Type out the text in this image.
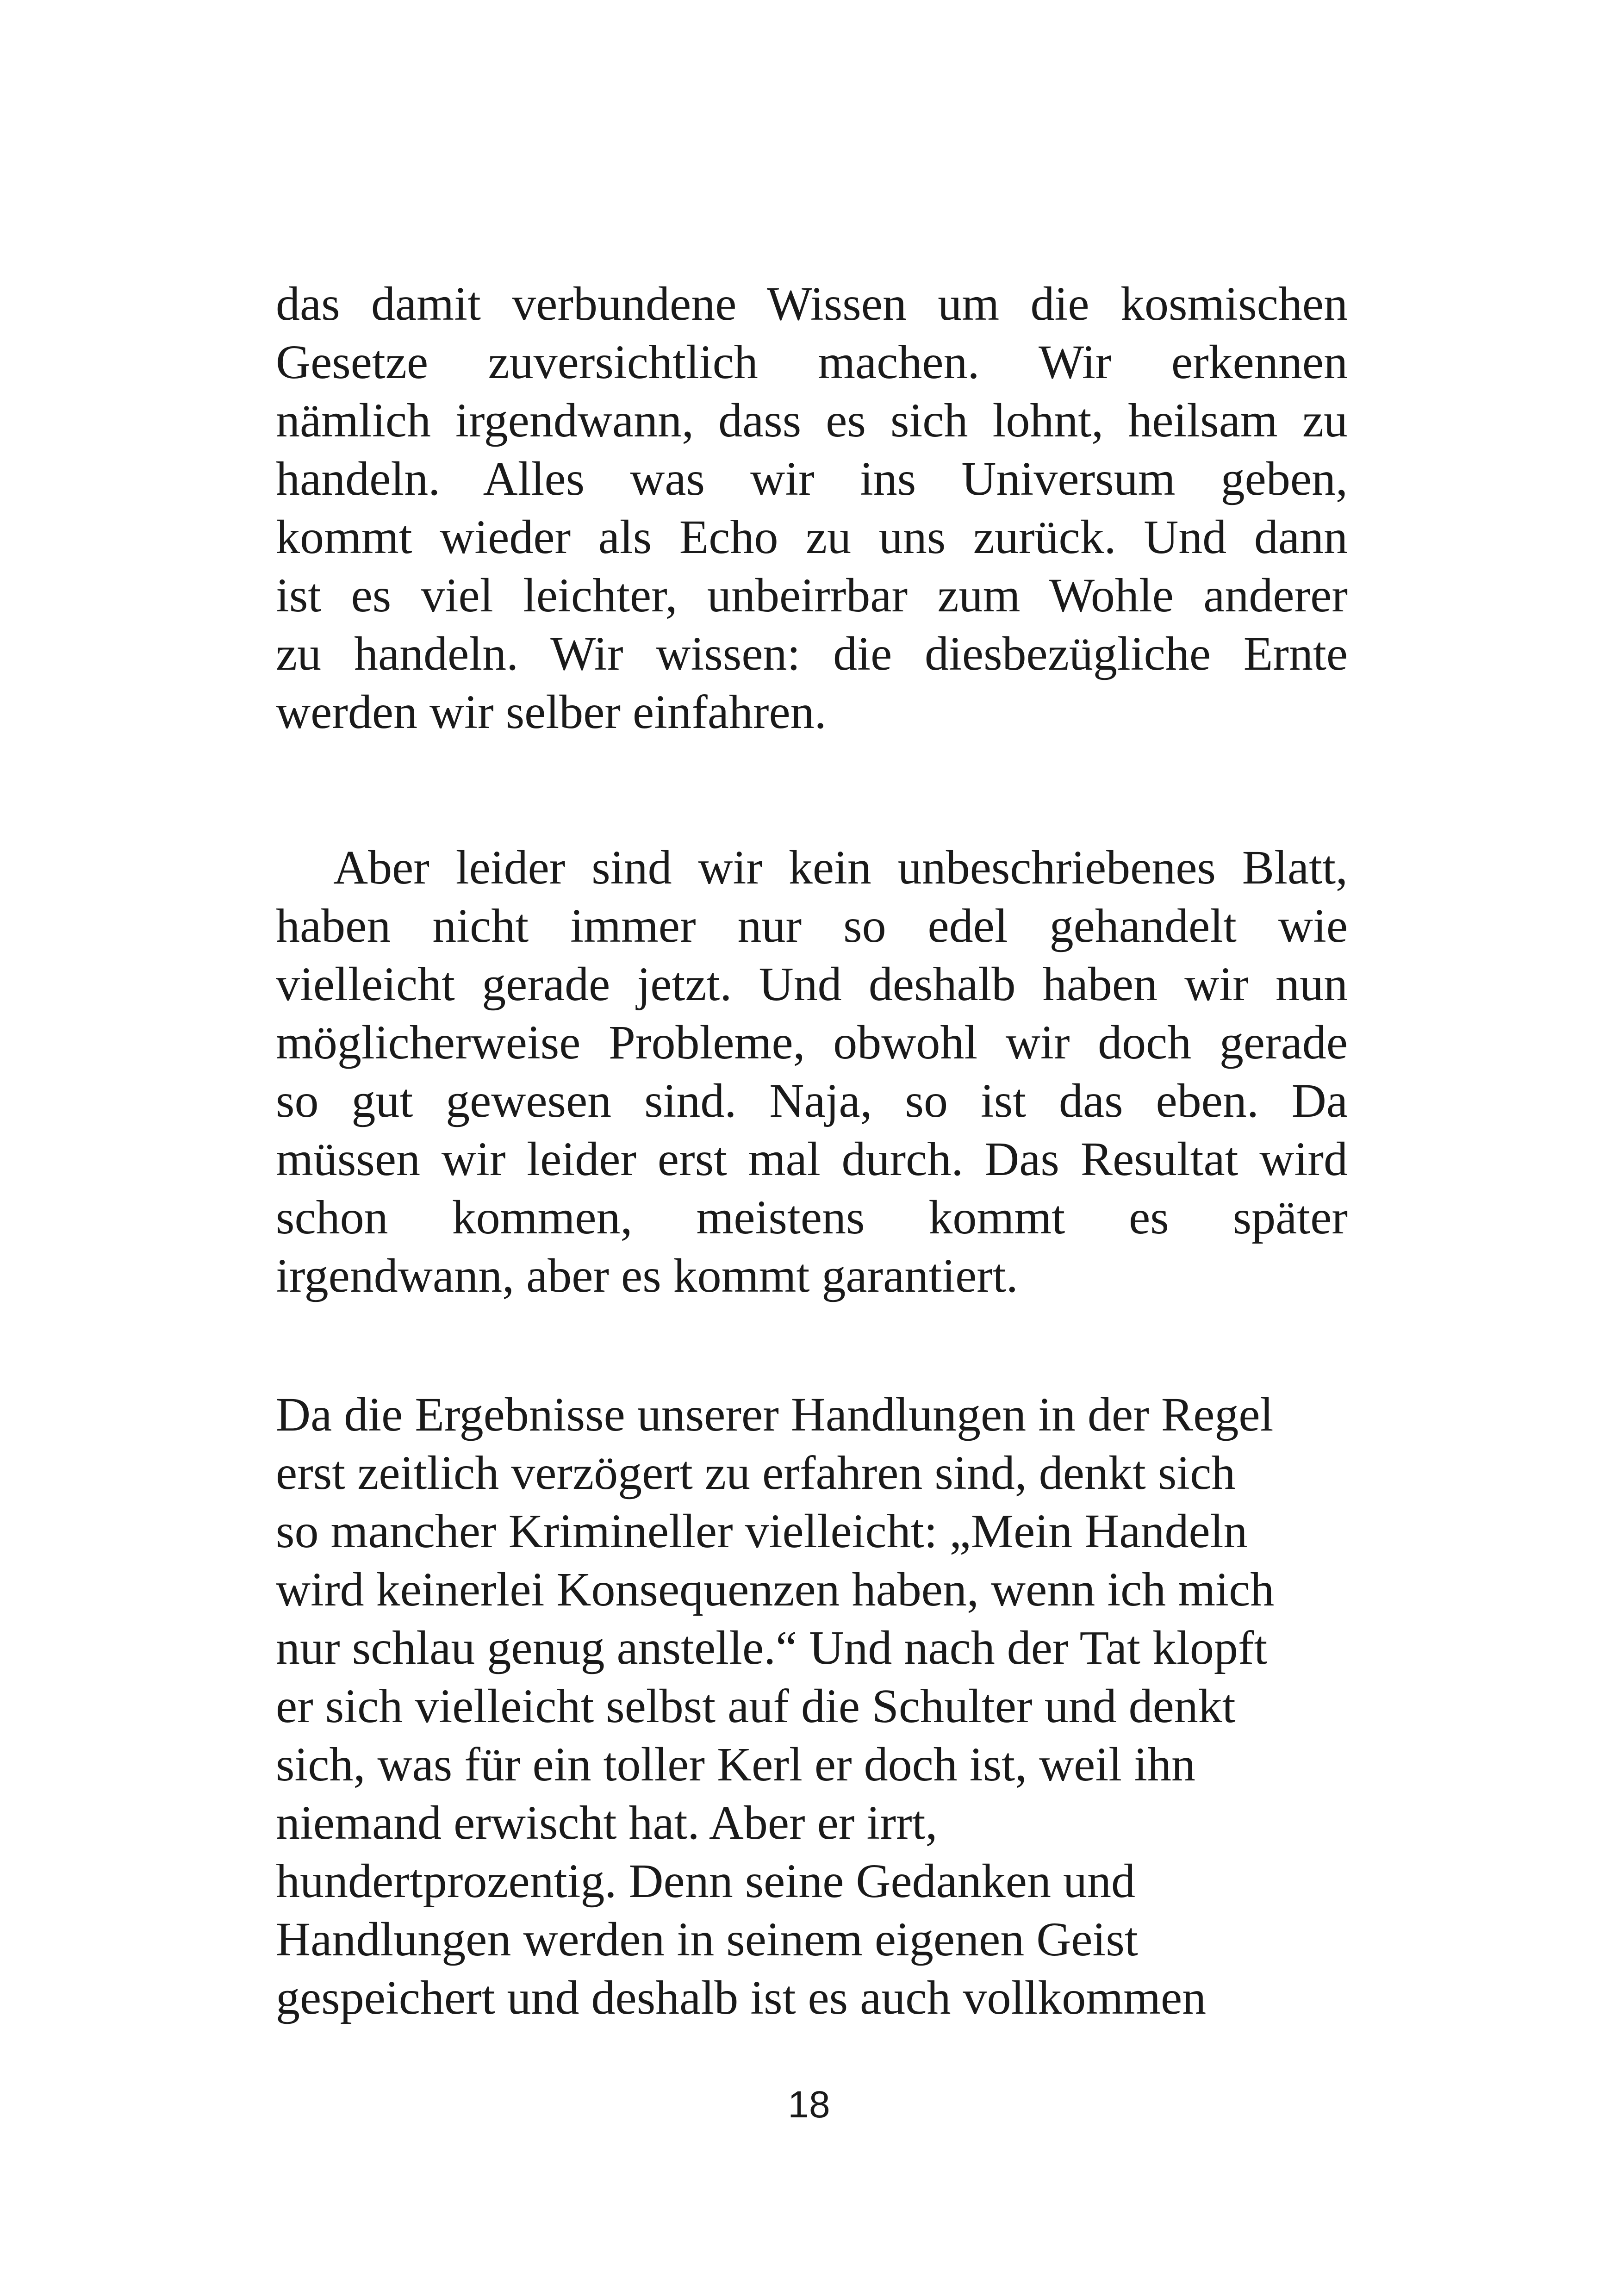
das damit verbundene Wissen um die kosmischen
Gesetze zuversichtlich machen. Wir erkennen
nämlich irgendwann, dass es sich lohnt, heilsam zu
handeln. Alles was wir ins Universum geben,
kommt wieder als Echo zu uns zurück. Und dann
ist es viel leichter, unbeirrbar zum Wohle anderer
zu handeln. Wir wissen: die diesbezügliche Ernte
werden wir selber einfahren.
Aber leider sind wir kein unbeschriebenes Blatt,
haben nicht immer nur so edel gehandelt wie
vielleicht gerade jetzt. Und deshalb haben wir nun
möglicherweise Probleme, obwohl wir doch gerade
so gut gewesen sind. Naja, so ist das eben. Da
müssen wir leider erst mal durch. Das Resultat wird
schon kommen, meistens kommt es später
irgendwann, aber es kommt garantiert.
Da die Ergebnisse unserer Handlungen in der Regel
erst zeitlich verzögert zu erfahren sind, denkt sich
so mancher Krimineller vielleicht: „Mein Handeln
wird keinerlei Konsequenzen haben, wenn ich mich
nur schlau genug anstelle.“ Und nach der Tat klopft
er sich vielleicht selbst auf die Schulter und denkt
sich, was für ein toller Kerl er doch ist, weil ihn
niemand erwischt hat. Aber er irrt,
hundertprozentig. Denn seine Gedanken und
Handlungen werden in seinem eigenen Geist
gespeichert und deshalb ist es auch vollkommen
18
